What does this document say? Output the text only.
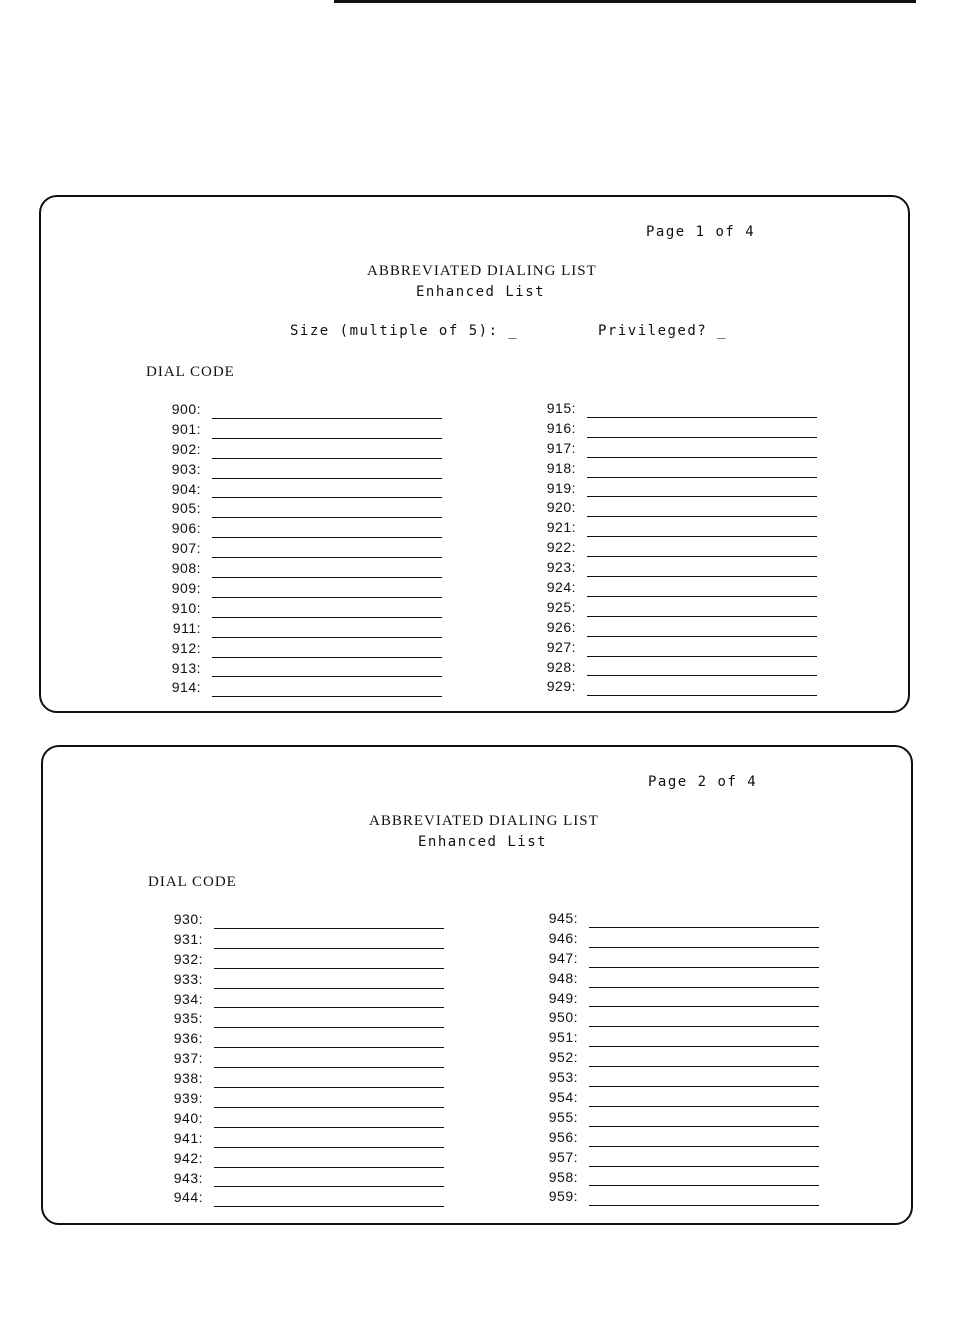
Page 1 of 4
ABBREVIATED DIALING LIST
Enhanced List
Size (multiple of 5): _	Privileged? _
DIAL CODE
900:
901:
902:
903:
904:
905:
906:
907:
908:
909:
910:
911:
912:
913:
914:
915:
916:
917:
918:
919:
920:
921:
922:
923:
924:
925:
926:
927:
928:
929:
Page 2 of 4
ABBREVIATED DIALING LIST
Enhanced List
DIAL CODE
930:
931:
932:
933:
934:
935:
936:
937:
938:
939:
940:
941:
942:
943:
944:
945:
946:
947:
948:
949:
950:
951:
952:
953:
954:
955:
956:
957:
958:
959:
